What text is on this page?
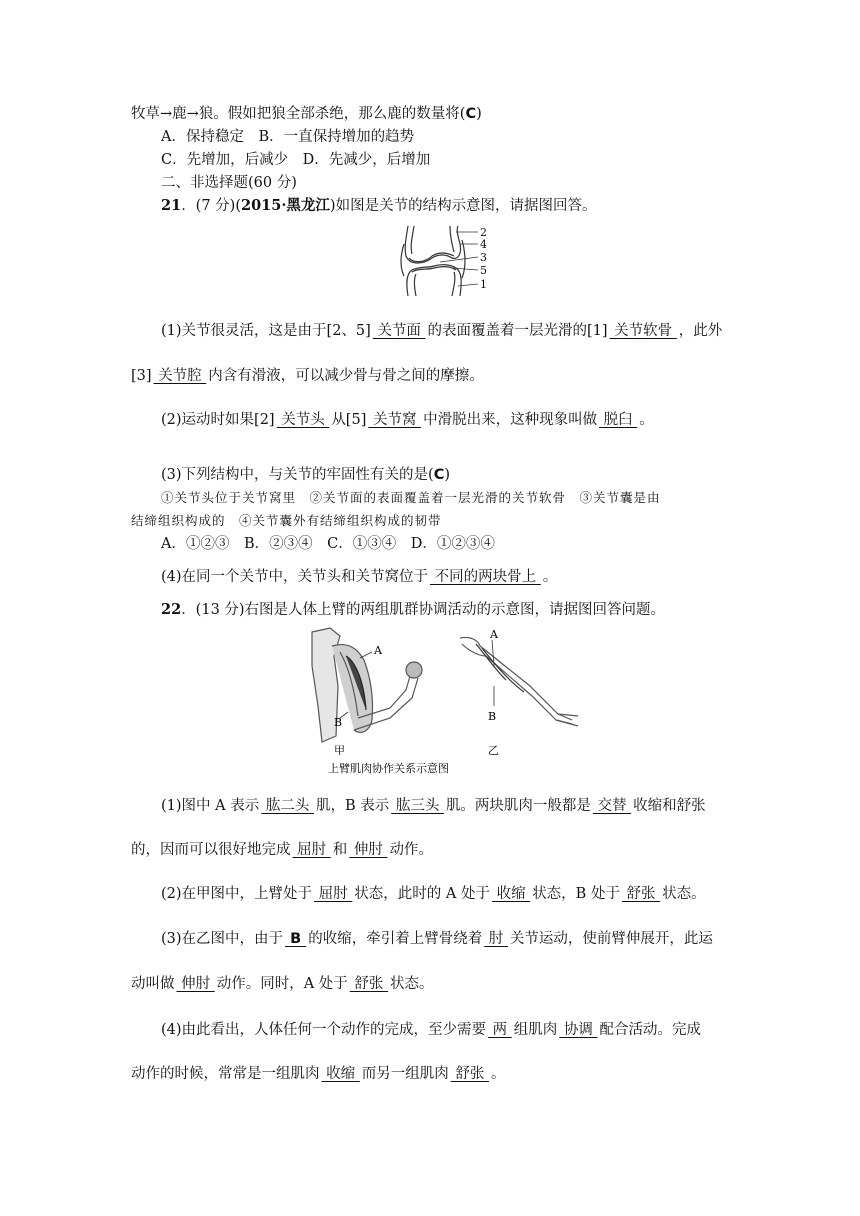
牧草→鹿→狼。假如把狼全部杀绝，那么鹿的数量将(C)
A．保持稳定　B．一直保持增加的趋势
C．先增加，后减少　D．先减少，后增加
二、非选择题(60 分)
21．(7 分)(2015·黑龙江)如图是关节的结构示意图，请据图回答。
2
4
3
5
1
(1)关节很灵活，这是由于[2、5] 关节面 的表面覆盖着一层光滑的[1] 关节软骨 ，此外
[3] 关节腔 内含有滑液，可以减少骨与骨之间的摩擦。
(2)运动时如果[2] 关节头 从[5] 关节窝 中滑脱出来，这种现象叫做 脱臼 。
(3)下列结构中，与关节的牢固性有关的是(C)
①关节头位于关节窝里　②关节面的表面覆盖着一层光滑的关节软骨　③关节囊是由
结缔组织构成的　④关节囊外有结缔组织构成的韧带
A．①②③　B．②③④　C．①③④　D．①②③④
(4)在同一个关节中，关节头和关节窝位于 不同的两块骨上 。
22．(13 分)右图是人体上臂的两组肌群协调活动的示意图，请据图回答问题。
A
B
甲
A
B
乙
上臂肌肉协作关系示意图
(1)图中 A 表示 肱二头 肌，B 表示 肱三头 肌。两块肌肉一般都是 交替 收缩和舒张
的，因而可以很好地完成 屈肘 和 伸肘 动作。
(2)在甲图中，上臂处于 屈肘 状态，此时的 A 处于 收缩 状态，B 处于 舒张 状态。
(3)在乙图中，由于 B 的收缩，牵引着上臂骨绕着 肘 关节运动，使前臂伸展开，此运
动叫做 伸肘 动作。同时，A 处于 舒张 状态。
(4)由此看出，人体任何一个动作的完成，至少需要 两 组肌肉 协调 配合活动。完成
动作的时候，常常是一组肌肉 收缩 而另一组肌肉 舒张 。
